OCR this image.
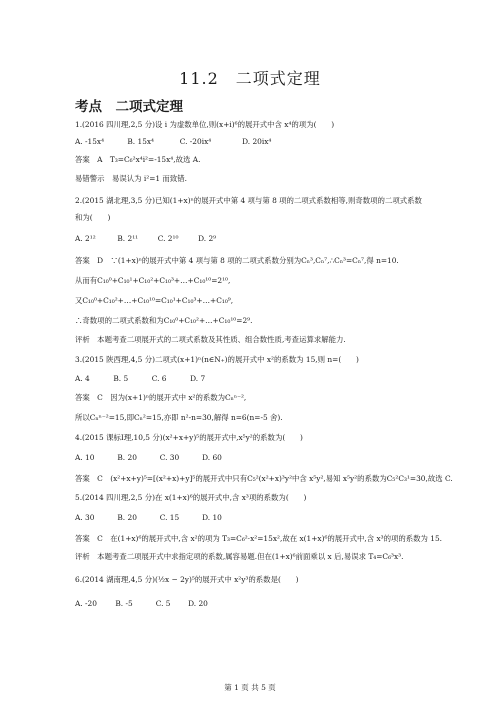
11.2　二项式定理
考点　二项式定理
1.(2016 四川理,2,5 分)设 i 为虚数单位,则(x+i)⁶的展开式中含 x⁴的项为(　　)
A. -15x⁴	B. 15x⁴	C. -20ix⁴	D. 20ix⁴
答案　A　T₃=C₆²x⁴i²=-15x⁴,故选 A.
易错警示　易误认为 i²=1 而致错.
2.(2015 湖北理,3,5 分)已知(1+x)ⁿ的展开式中第 4 项与第 8 项的二项式系数相等,则奇数项的二项式系数
和为(　　)
A. 2¹²	B. 2¹¹	C. 2¹⁰	D. 2⁹
答案　D　∵(1+x)ⁿ的展开式中第 4 项与第 8 项的二项式系数分别为Cₙ³,Cₙ⁷,∴Cₙ³=Cₙ⁷,得 n=10.
从而有C₁₀⁰+C₁₀¹+C₁₀²+C₁₀³+…+C₁₀¹⁰=2¹⁰,
又C₁₀⁰+C₁₀²+…+C₁₀¹⁰=C₁₀¹+C₁₀³+…+C₁₀⁹,
∴奇数项的二项式系数和为C₁₀⁰+C₁₀²+…+C₁₀¹⁰=2⁹.
评析　本题考查二项展开式的二项式系数及其性质、组合数性质,考查运算求解能力.
3.(2015 陕西理,4,5 分)二项式(x+1)ⁿ(n∈N₊)的展开式中 x²的系数为 15,则 n=(　　)
A. 4	B. 5	C. 6	D. 7
答案　C　因为(x+1)ⁿ的展开式中 x²的系数为Cₙⁿ⁻²,
所以Cₙⁿ⁻²=15,即Cₙ²=15,亦即 n²-n=30,解得 n=6(n=-5 舍).
4.(2015 课标Ⅰ理,10,5 分)(x²+x+y)⁵的展开式中,x⁵y²的系数为(　　)
A. 10	B. 20	C. 30	D. 60
答案　C　(x²+x+y)⁵=[(x²+x)+y]⁵的展开式中只有C₅²(x²+x)³y²中含 x⁵y²,易知 x⁵y²的系数为C₅²C₃¹=30,故选 C.
5.(2014 四川理,2,5 分)在 x(1+x)⁶的展开式中,含 x³项的系数为(　　)
A. 30	B. 20	C. 15	D. 10
答案　C　在(1+x)⁶的展开式中,含 x²的项为 T₃=C₆²·x²=15x²,故在 x(1+x)⁶的展开式中,含 x³的项的系数为 15.
评析　本题考查二项展开式中求指定项的系数,属容易题.但在(1+x)⁶前面乘以 x 后,易误求 T₄=C₆³x³.
6.(2014 湖南理,4,5 分)(½x − 2y)⁵的展开式中 x²y³的系数是(　　)
A. -20 B. -5	C. 5 D. 20
第 1 页 共 5 页
